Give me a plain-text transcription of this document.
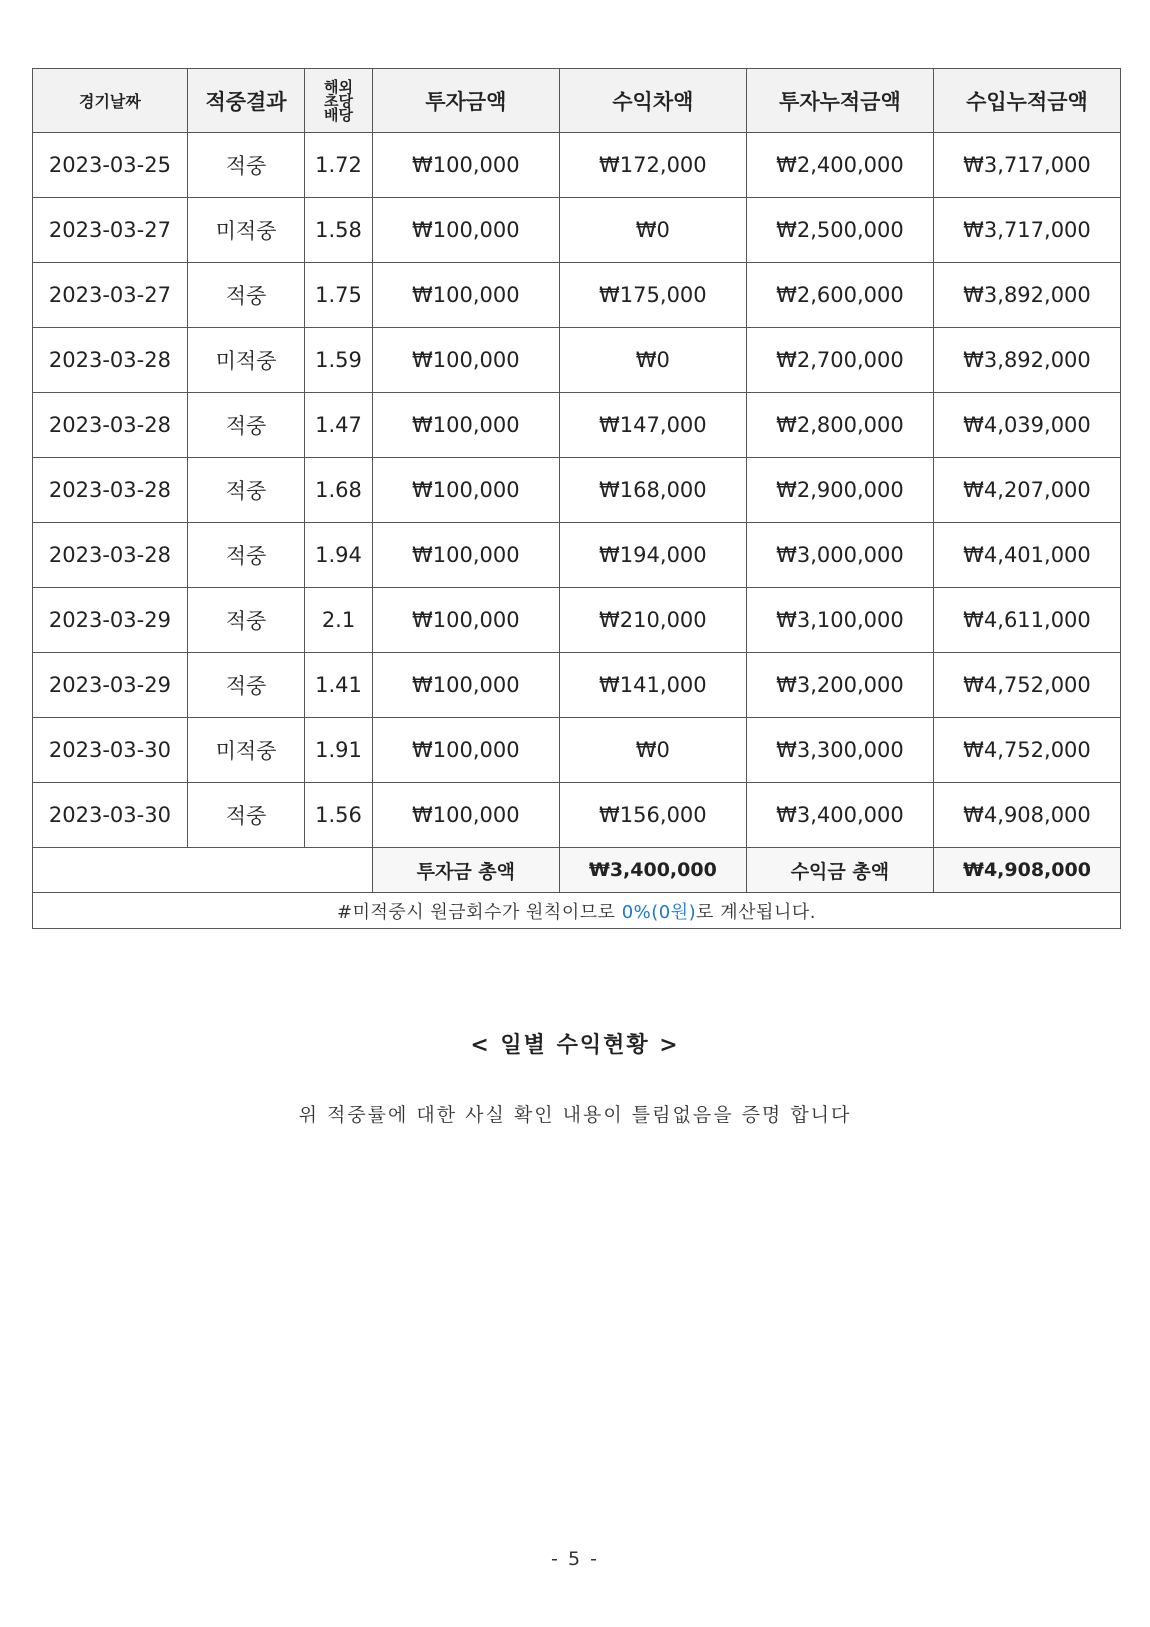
경기날짜	적중결과	해외
초당
배당	투자금액	수익차액	투자누적금액	수입누적금액
2023-03-25	적중	1.72	₩100,000	₩172,000	₩2,400,000	₩3,717,000
2023-03-27	미적중	1.58	₩100,000	₩0	₩2,500,000	₩3,717,000
2023-03-27	적중	1.75	₩100,000	₩175,000	₩2,600,000	₩3,892,000
2023-03-28	미적중	1.59	₩100,000	₩0	₩2,700,000	₩3,892,000
2023-03-28	적중	1.47	₩100,000	₩147,000	₩2,800,000	₩4,039,000
2023-03-28	적중	1.68	₩100,000	₩168,000	₩2,900,000	₩4,207,000
2023-03-28	적중	1.94	₩100,000	₩194,000	₩3,000,000	₩4,401,000
2023-03-29	적중	2.1	₩100,000	₩210,000	₩3,100,000	₩4,611,000
2023-03-29	적중	1.41	₩100,000	₩141,000	₩3,200,000	₩4,752,000
2023-03-30	미적중	1.91	₩100,000	₩0	₩3,300,000	₩4,752,000
2023-03-30	적중	1.56	₩100,000	₩156,000	₩3,400,000	₩4,908,000
			투자금 총액	₩3,400,000	수익금 총액	₩4,908,000
#미적중시 원금회수가 원칙이므로 0%(0원)로 계산됩니다.						
< 일별 수익현황 >
위 적중률에 대한 사실 확인 내용이 틀림없음을 증명 합니다
- 5 -
